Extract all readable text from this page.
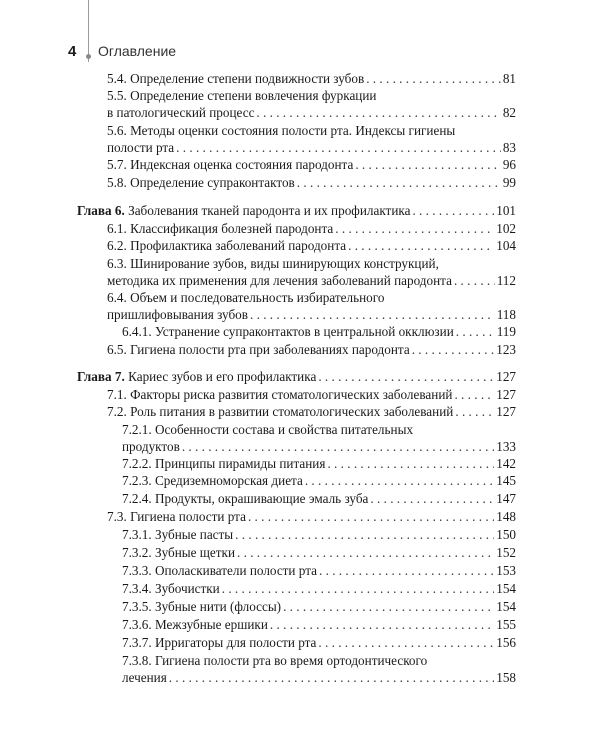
4 Оглавление
5.4. Определение степени подвижности зубов . . .	81
5.5. Определение степени вовлечения фуркации
в патологический процесс . . .	82
5.6. Методы оценки состояния полости рта. Индексы гигиены
полости рта . . .	83
5.7. Индексная оценка состояния пародонта . . .	96
5.8. Определение супраконтактов . . .	99
Глава 6. Заболевания тканей пародонта и их профилактика . . .	101
6.1. Классификация болезней пародонта . . .	102
6.2. Профилактика заболеваний пародонта . . .	104
6.3. Шинирование зубов, виды шинирующих конструкций,
методика их применения для лечения заболеваний пародонта . . .	112
6.4. Объем и последовательность избирательного
пришлифовывания зубов . . .	118
6.4.1. Устранение супраконтактов в центральной окклюзии . . .	119
6.5. Гигиена полости рта при заболеваниях пародонта . . .	123
Глава 7. Кариес зубов и его профилактика . . .	127
7.1. Факторы риска развития стоматологических заболеваний . . .	127
7.2. Роль питания в развитии стоматологических заболеваний . . .	127
7.2.1. Особенности состава и свойства питательных
продуктов . . .	133
7.2.2. Принципы пирамиды питания . . .	142
7.2.3. Средиземноморская диета . . .	145
7.2.4. Продукты, окрашивающие эмаль зуба . . .	147
7.3. Гигиена полости рта . . .	148
7.3.1. Зубные пасты . . .	150
7.3.2. Зубные щетки . . .	152
7.3.3. Ополаскиватели полости рта . . .	153
7.3.4. Зубочистки . . .	154
7.3.5. Зубные нити (флоссы) . . .	154
7.3.6. Межзубные ершики . . .	155
7.3.7. Ирригаторы для полости рта . . .	156
7.3.8. Гигиена полости рта во время ортодонтического
лечения . . .	158
